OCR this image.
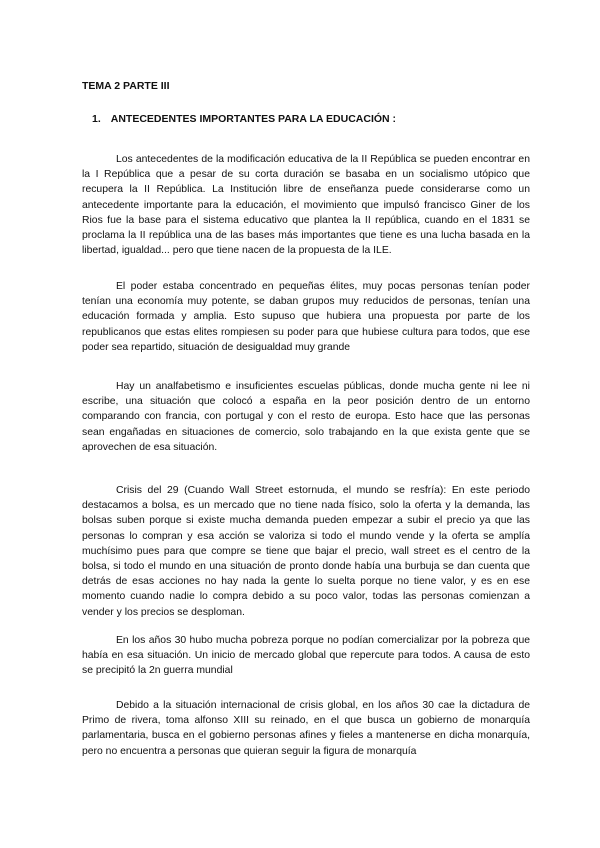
TEMA 2 PARTE III
1. ANTECEDENTES IMPORTANTES PARA LA EDUCACIÓN :

Los antecedentes de la modificación educativa de la II República se pueden encontrar en la I República que a pesar de su corta duración se basaba en un socialismo utópico que recupera la II República. La Institución libre de enseñanza puede considerarse como un antecedente importante para la educación, el movimiento que impulsó francisco Giner de los Rios fue la base para el sistema educativo que plantea la II república, cuando en el 1831 se proclama la II república una de las bases más importantes que tiene es una lucha basada en la libertad, igualdad... pero que tiene nacen de la propuesta de la ILE.

El poder estaba concentrado en pequeñas élites, muy pocas personas tenían poder tenían una economía muy potente, se daban grupos muy reducidos de personas, tenían una educación formada y amplia. Esto supuso que hubiera una propuesta por parte de los republicanos que estas elites rompiesen su poder para que hubiese cultura para todos, que ese poder sea repartido, situación de desigualdad muy grande

Hay un analfabetismo e insuficientes escuelas públicas, donde mucha gente ni lee ni escribe, una situación que colocó a españa en la peor posición dentro de un entorno comparando con francia, con portugal y con el resto de europa. Esto hace que las personas sean engañadas en situaciones de comercio, solo trabajando en la que exista gente que se aprovechen de esa situación.

Crisis del 29 (Cuando Wall Street estornuda, el mundo se resfría): En este periodo destacamos a bolsa, es un mercado que no tiene nada físico, solo la oferta y la demanda, las bolsas suben porque si existe mucha demanda pueden empezar a subir el precio ya que las personas lo compran y esa acción se valoriza si todo el mundo vende y la oferta se amplía muchísimo pues para que compre se tiene que bajar el precio, wall street es el centro de la bolsa, si todo el mundo en una situación de pronto donde había una burbuja se dan cuenta que detrás de esas acciones no hay nada la gente lo suelta porque no tiene valor, y es en ese momento cuando nadie lo compra debido a su poco valor, todas las personas comienzan a vender y los precios se desploman.

En los años 30 hubo mucha pobreza porque no podían comercializar por la pobreza que había en esa situación. Un inicio de mercado global que repercute para todos. A causa de esto se precipitó la 2n guerra mundial

Debido a la situación internacional de crisis global, en los años 30 cae la dictadura de Primo de rivera, toma alfonso XIII su reinado, en el que busca un gobierno de monarquía parlamentaria, busca en el gobierno personas afines y fieles a mantenerse en dicha monarquía, pero no encuentra a personas que quieran seguir la figura de monarquía
